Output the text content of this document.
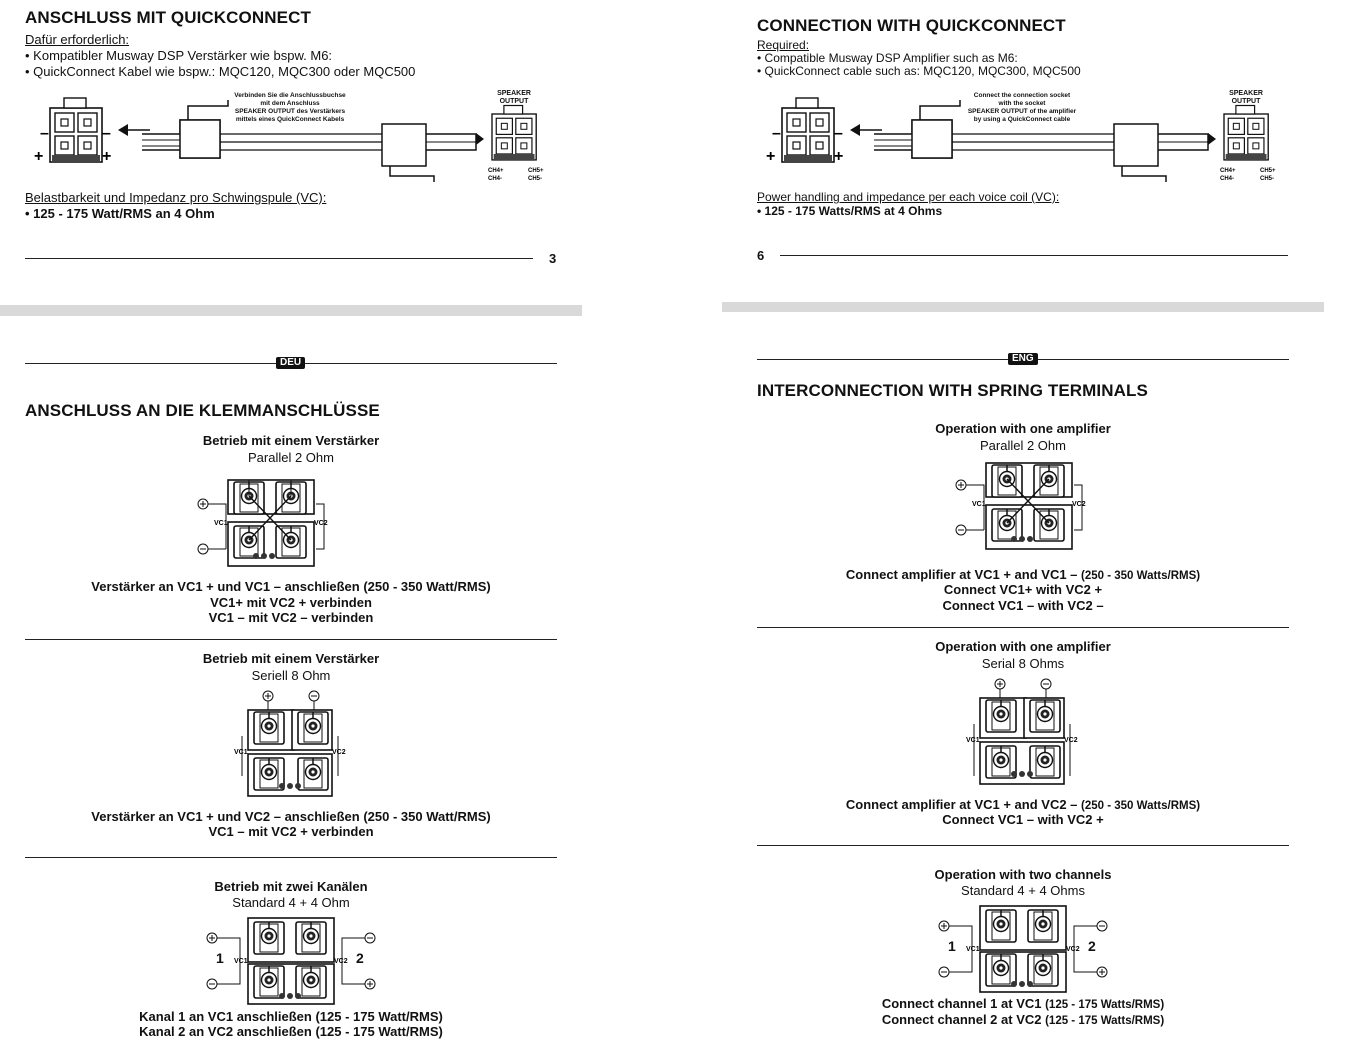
ANSCHLUSS MIT QUICKCONNECT
Dafür erforderlich:
• Kompatibler Musway DSP Verstärker wie bspw. M6:
• QuickConnect Kabel wie bspw.: MQC120, MQC300 oder MQC500
–
+
–
+
VC1 VC2
CH4+
CH4-
CH5+
CH5-
Verbinden Sie die Anschlussbuchse
mit dem Anschluss
SPEAKER OUTPUT des Verstärkers
mittels eines QuickConnect Kabels
SPEAKER
OUTPUT
Belastbarkeit und Impedanz pro Schwingspule (VC):
• 125 - 175 Watt/RMS an 4 Ohm
3
CONNECTION WITH QUICKCONNECT
Required:
• Compatible Musway DSP Amplifier such as M6:
• QuickConnect cable such as: MQC120, MQC300, MQC500
–
+
–
+
VC1 VC2
CH4+
CH4-
CH5+
CH5-
Connect the connection socket
with the socket
SPEAKER OUTPUT of the amplifier
by using a QuickConnect cable
SPEAKER
OUTPUT
Power handling and impedance per each voice coil (VC):
• 125 - 175 Watts/RMS at 4 Ohms
6
DEU
ANSCHLUSS AN DIE KLEMMANSCHLÜSSE
Betrieb mit einem Verstärker
Parallel 2 Ohm
VC1	VC2
Verstärker an VC1 + und VC1 – anschließen (250 - 350 Watt/RMS)
VC1+ mit VC2 + verbinden
VC1 – mit VC2 – verbinden
Betrieb mit einem Verstärker
Seriell 8 Ohm
VC1	VC2
Verstärker an VC1 + und VC2 – anschließen (250 - 350 Watt/RMS)
VC1 – mit VC2 + verbinden
Betrieb mit zwei Kanälen
Standard 4 + 4 Ohm
VC1	VC2
1	2
Kanal 1 an VC1 anschließen (125 - 175 Watt/RMS)
Kanal 2 an VC2 anschließen (125 - 175 Watt/RMS)
ENG
INTERCONNECTION WITH SPRING TERMINALS
Operation with one amplifier
Parallel 2 Ohm
VC1	VC2
Connect amplifier at VC1 + and VC1 – (250 - 350 Watts/RMS)
Connect VC1+ with VC2 +
Connect VC1 – with VC2 –
Operation with one amplifier
Serial 8 Ohms
VC1	VC2
Connect amplifier at VC1 + and VC2 – (250 - 350 Watts/RMS)
Connect VC1 – with VC2 +
Operation with two channels
Standard 4 + 4 Ohms
VC1	VC2
1	2
Connect channel 1 at VC1 (125 - 175 Watts/RMS)
Connect channel 2 at VC2 (125 - 175 Watts/RMS)
